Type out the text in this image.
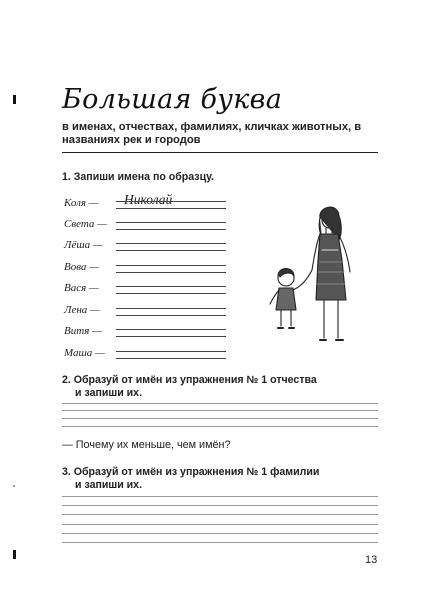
Большая буква
в именах, отчествах, фамилиях, кличках животных, в названиях рек и городов
1. Запиши имена по образцу.
Коля —
Света —
Лёша —
Вова —
Вася —
Лена —
Витя —
Маша —
Николай
2. Образуй от имён из упражнения № 1 отчества
и запиши их.
— Почему их меньше, чем имён?
3. Образуй от имён из упражнения № 1 фамилии
и запиши их.
13
